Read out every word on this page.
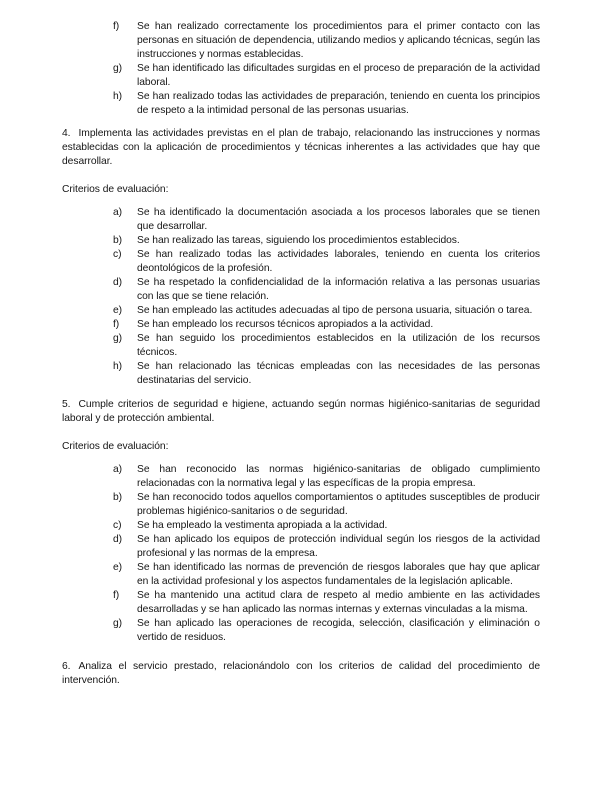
f)	Se han realizado correctamente los procedimientos para el primer contacto con las personas en situación de dependencia, utilizando medios y aplicando técnicas, según las instrucciones y normas establecidas.
g)	Se han identificado las dificultades surgidas en el proceso de preparación de la actividad laboral.
h)	Se han realizado todas las actividades de preparación, teniendo en cuenta los principios de respeto a la intimidad personal de las personas usuarias.

4. Implementa las actividades previstas en el plan de trabajo, relacionando las instrucciones y normas establecidas con la aplicación de procedimientos y técnicas inherentes a las actividades que hay que desarrollar.

Criterios de evaluación:

a)	Se ha identificado la documentación asociada a los procesos laborales que se tienen que desarrollar.
b)	Se han realizado las tareas, siguiendo los procedimientos establecidos.
c)	Se han realizado todas las actividades laborales, teniendo en cuenta los criterios deontológicos de la profesión.
d)	Se ha respetado la confidencialidad de la información relativa a las personas usuarias con las que se tiene relación.
e)	Se han empleado las actitudes adecuadas al tipo de persona usuaria, situación o tarea.
f)	Se han empleado los recursos técnicos apropiados a la actividad.
g)	Se han seguido los procedimientos establecidos en la utilización de los recursos técnicos.
h)	Se han relacionado las técnicas empleadas con las necesidades de las personas destinatarias del servicio.

5. Cumple criterios de seguridad e higiene, actuando según normas higiénico-sanitarias de seguridad laboral y de protección ambiental.

Criterios de evaluación:

a)	Se han reconocido las normas higiénico-sanitarias de obligado cumplimiento relacionadas con la normativa legal y las específicas de la propia empresa.
b)	Se han reconocido todos aquellos comportamientos o aptitudes susceptibles de producir problemas higiénico-sanitarios o de seguridad.
c)	Se ha empleado la vestimenta apropiada a la actividad.
d)	Se han aplicado los equipos de protección individual según los riesgos de la actividad profesional y las normas de la empresa.
e)	Se han identificado las normas de prevención de riesgos laborales que hay que aplicar en la actividad profesional y los aspectos fundamentales de la legislación aplicable.
f)	Se ha mantenido una actitud clara de respeto al medio ambiente en las actividades desarrolladas y se han aplicado las normas internas y externas vinculadas a la misma.
g)	Se han aplicado las operaciones de recogida, selección, clasificación y eliminación o vertido de residuos.

6. Analiza el servicio prestado, relacionándolo con los criterios de calidad del procedimiento de intervención.
